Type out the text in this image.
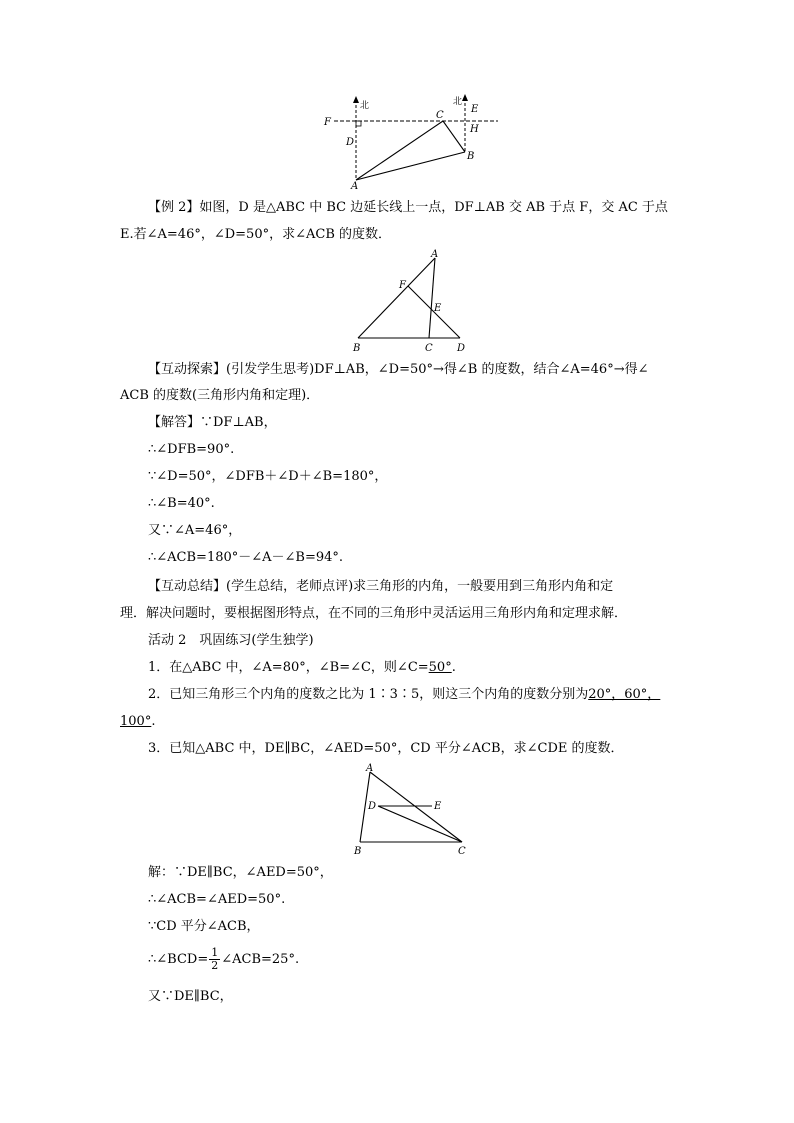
北	北
F
D
C
E
H
B
A
【例 2】如图，D 是△ABC 中 BC 边延长线上一点，DF⊥AB 交 AB 于点 F，交 AC 于点
E.若∠A=46°，∠D=50°，求∠ACB 的度数．
A
F
E
B	C D
【互动探索】(引发学生思考)DF⊥AB，∠D=50°→得∠B 的度数，结合∠A=46°→得∠
ACB 的度数(三角形内角和定理)．
【解答】∵DF⊥AB，
∴∠DFB=90°.
∵∠D=50°，∠DFB＋∠D＋∠B=180°，
∴∠B=40°.
又∵∠A=46°，
∴∠ACB=180°－∠A－∠B=94°.
【互动总结】(学生总结，老师点评)求三角形的内角，一般要用到三角形内角和定
理．解决问题时，要根据图形特点，在不同的三角形中灵活运用三角形内角和定理求解．
活动 2　巩固练习(学生独学)
1．在△ABC 中，∠A=80°，∠B=∠C，则∠C=50°.
2．已知三角形三个内角的度数之比为 1∶3∶5，则这三个内角的度数分别为20°，60°，
100°.
3．已知△ABC 中，DE∥BC，∠AED=50°，CD 平分∠ACB，求∠CDE 的度数．
A
D	E
B	C
解：∵DE∥BC，∠AED=50°，
∴∠ACB=∠AED=50°.
∵CD 平分∠ACB，
∴∠BCD= $\frac{1}{2}$ ∠ACB=25°.
又∵DE∥BC，
